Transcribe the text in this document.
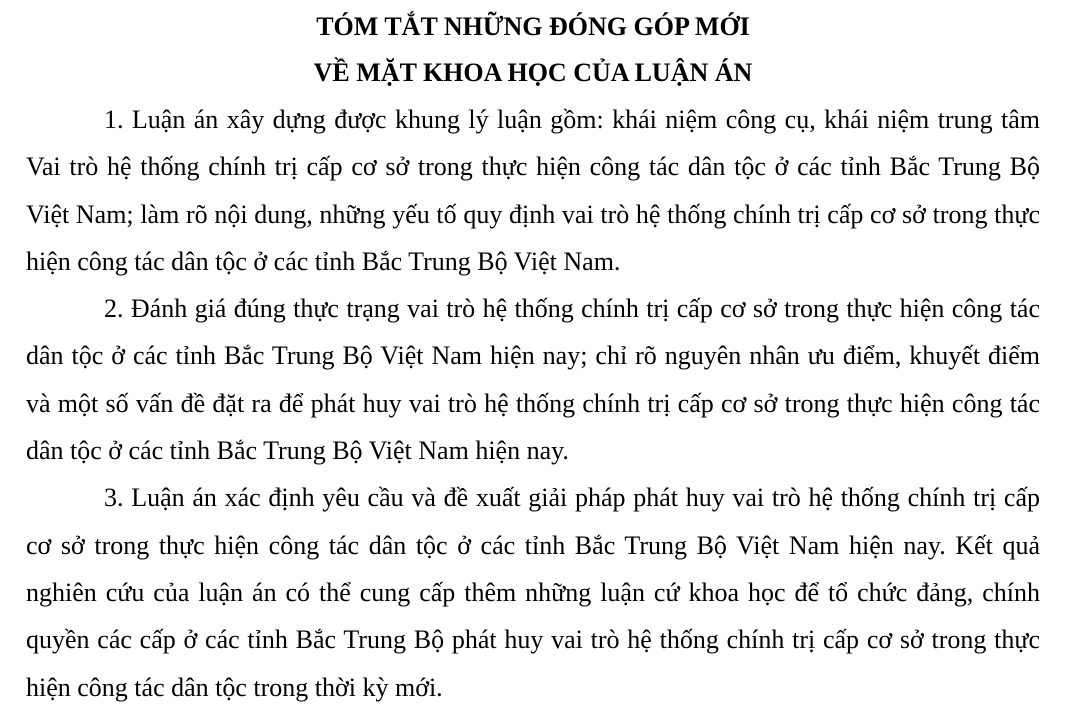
TÓM TẮT NHỮNG ĐÓNG GÓP MỚI
VỀ MẶT KHOA HỌC CỦA LUẬN ÁN

1. Luận án xây dựng được khung lý luận gồm: khái niệm công cụ, khái niệm trung tâm Vai trò hệ thống chính trị cấp cơ sở trong thực hiện công tác dân tộc ở các tỉnh Bắc Trung Bộ Việt Nam; làm rõ nội dung, những yếu tố quy định vai trò hệ thống chính trị cấp cơ sở trong thực hiện công tác dân tộc ở các tỉnh Bắc Trung Bộ Việt Nam.

2. Đánh giá đúng thực trạng vai trò hệ thống chính trị cấp cơ sở trong thực hiện công tác dân tộc ở các tỉnh Bắc Trung Bộ Việt Nam hiện nay; chỉ rõ nguyên nhân ưu điểm, khuyết điểm và một số vấn đề đặt ra để phát huy vai trò hệ thống chính trị cấp cơ sở trong thực hiện công tác dân tộc ở các tỉnh Bắc Trung Bộ Việt Nam hiện nay.

3. Luận án xác định yêu cầu và đề xuất giải pháp phát huy vai trò hệ thống chính trị cấp cơ sở trong thực hiện công tác dân tộc ở các tỉnh Bắc Trung Bộ Việt Nam hiện nay. Kết quả nghiên cứu của luận án có thể cung cấp thêm những luận cứ khoa học để tổ chức đảng, chính quyền các cấp ở các tỉnh Bắc Trung Bộ phát huy vai trò hệ thống chính trị cấp cơ sở trong thực hiện công tác dân tộc trong thời kỳ mới.
